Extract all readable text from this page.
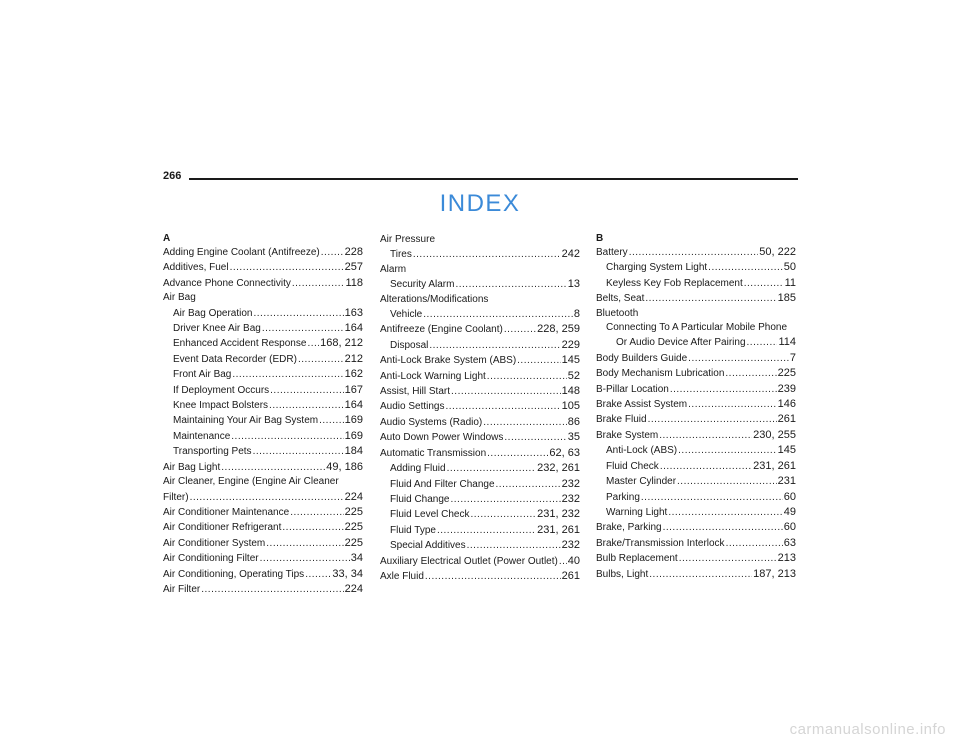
266
INDEX
A
Adding Engine Coolant (Antifreeze) ..... 228
Additives, Fuel .....	257
Advance Phone Connectivity .....	118
Air Bag
Air Bag Operation .....	163
Driver Knee Air Bag .....	164
Enhanced Accident Response ..... 168, 212
Event Data Recorder (EDR) .....	212
Front Air Bag .....	162
If Deployment Occurs .....	167
Knee Impact Bolsters .....	164
Maintaining Your Air Bag System ..... 169
Maintenance .....	169
Transporting Pets .....	184
Air Bag Light .....	49, 186
Air Cleaner, Engine (Engine Air Cleaner
Filter) .....	224
Air Conditioner Maintenance .....	225
Air Conditioner Refrigerant .....	225
Air Conditioner System .....	225
Air Conditioning Filter .....	34
Air Conditioning, Operating Tips .....	33, 34
Air Filter .....	224
Air Pressure
Tires .....	242
Alarm
Security Alarm .....	13
Alterations/Modifications
Vehicle .....	8
Antifreeze (Engine Coolant) .....	228, 259
Disposal .....	229
Anti-Lock Brake System (ABS) .....	145
Anti-Lock Warning Light .....	52
Assist, Hill Start .....	148
Audio Settings .....	105
Audio Systems (Radio) .....	86
Auto Down Power Windows .....	35
Automatic Transmission .....	62, 63
Adding Fluid .....	232, 261
Fluid And Filter Change .....	232
Fluid Change .....	232
Fluid Level Check .....	231, 232
Fluid Type .....	231, 261
Special Additives .....	232
Auxiliary Electrical Outlet (Power Outlet) ..... 40
Axle Fluid .....	261
B
Battery .....	50, 222
Charging System Light .....	50
Keyless Key Fob Replacement .....	11
Belts, Seat .....	185
Bluetooth
Connecting To A Particular Mobile Phone
Or Audio Device After Pairing .....	114
Body Builders Guide .....	7
Body Mechanism Lubrication .....	225
B-Pillar Location .....	239
Brake Assist System .....	146
Brake Fluid .....	261
Brake System .....	230, 255
Anti-Lock (ABS) .....	145
Fluid Check .....	231, 261
Master Cylinder .....	231
Parking .....	60
Warning Light .....	49
Brake, Parking .....	60
Brake/Transmission Interlock .....	63
Bulb Replacement .....	213
Bulbs, Light .....	187, 213
carmanualsonline.info
